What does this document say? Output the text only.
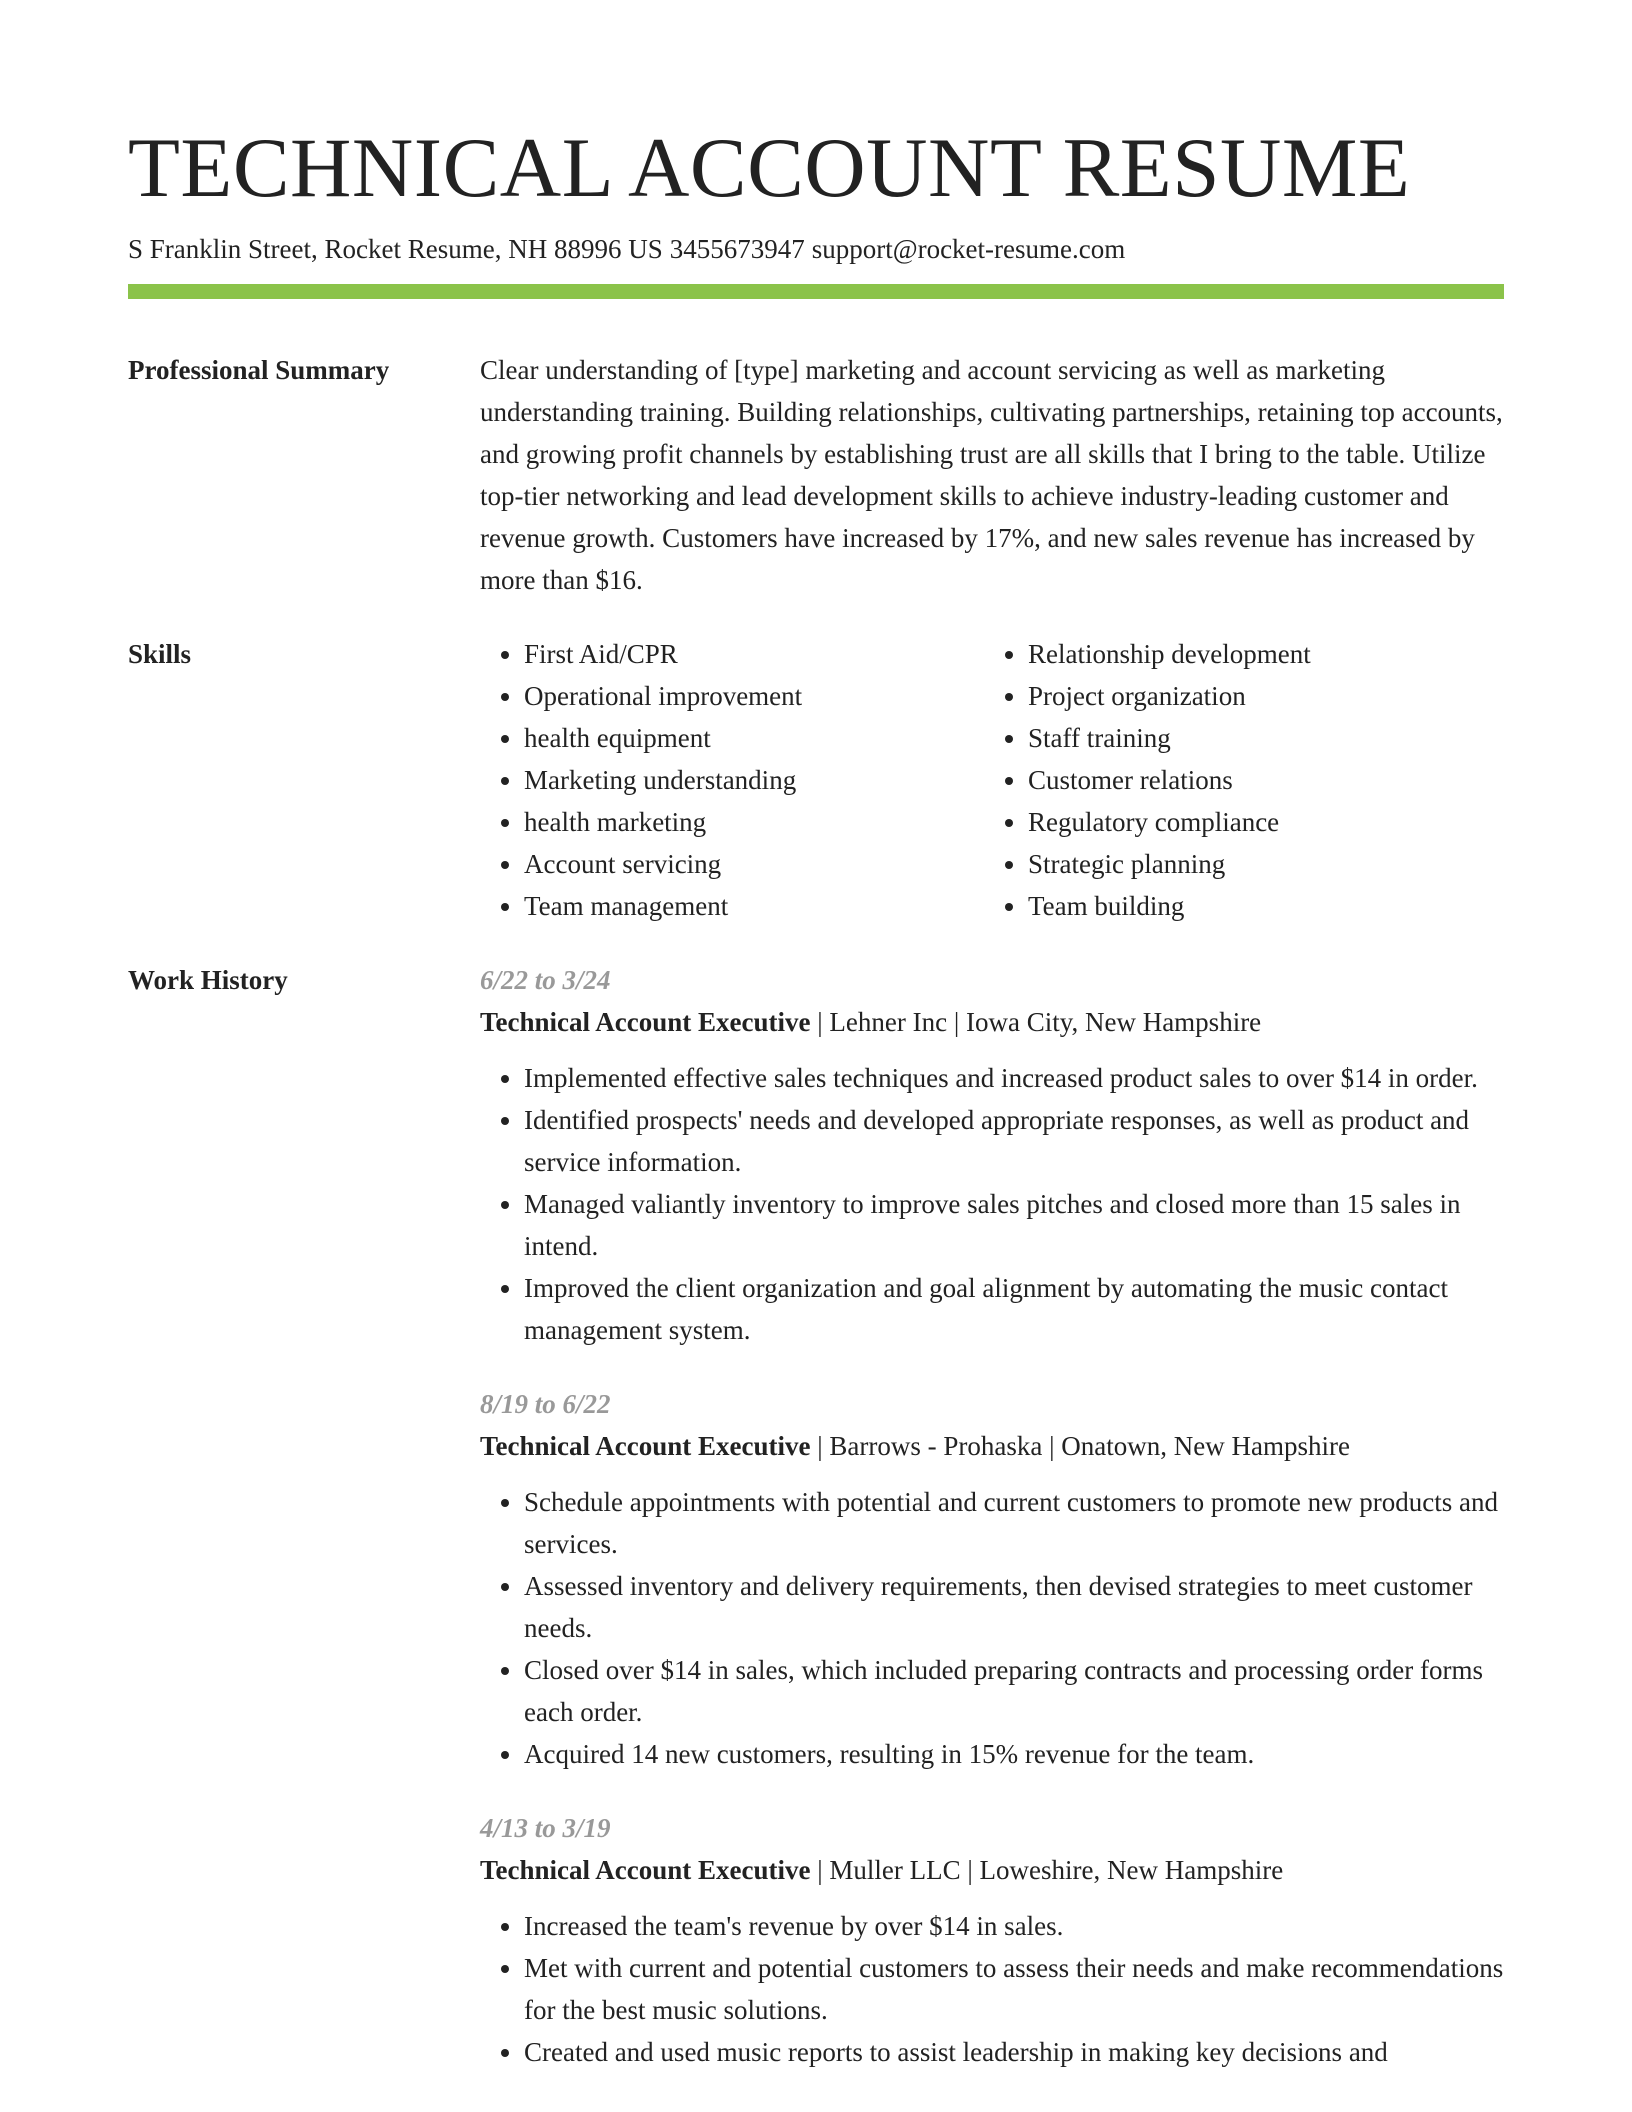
TECHNICAL ACCOUNT RESUME
S Franklin Street, Rocket Resume, NH 88996 US 3455673947 support@rocket-resume.com
Professional Summary	Clear understanding of [type] marketing and account servicing as well as marketing understanding training. Building relationships, cultivating partnerships, retaining top accounts, and growing profit channels by establishing trust are all skills that I bring to the table. Utilize top-tier networking and lead development skills to achieve industry-leading customer and revenue growth. Customers have increased by 17%, and new sales revenue has increased by more than $16.
Skills
•	First Aid/CPR
• Operational improvement
• health equipment
• Marketing understanding
• health marketing
• Account servicing
• Team management
• Relationship development
• Project organization
• Staff training
• Customer relations
• Regulatory compliance
• Strategic planning
• Team building
Work History	6/22 to 3/24
Technical Account Executive | Lehner Inc | Iowa City, New Hampshire
• Implemented effective sales techniques and increased product sales to over $14 in order.
• Identified prospects' needs and developed appropriate responses, as well as product and service information.
• Managed valiantly inventory to improve sales pitches and closed more than 15 sales in intend.
• Improved the client organization and goal alignment by automating the music contact management system.
8/19 to 6/22
Technical Account Executive | Barrows - Prohaska | Onatown, New Hampshire
• Schedule appointments with potential and current customers to promote new products and services.
• Assessed inventory and delivery requirements, then devised strategies to meet customer needs.
• Closed over $14 in sales, which included preparing contracts and processing order forms each order.
• Acquired 14 new customers, resulting in 15% revenue for the team.
4/13 to 3/19
Technical Account Executive | Muller LLC | Loweshire, New Hampshire
• Increased the team's revenue by over $14 in sales.
• Met with current and potential customers to assess their needs and make recommendations for the best music solutions.
• Created and used music reports to assist leadership in making key decisions and
